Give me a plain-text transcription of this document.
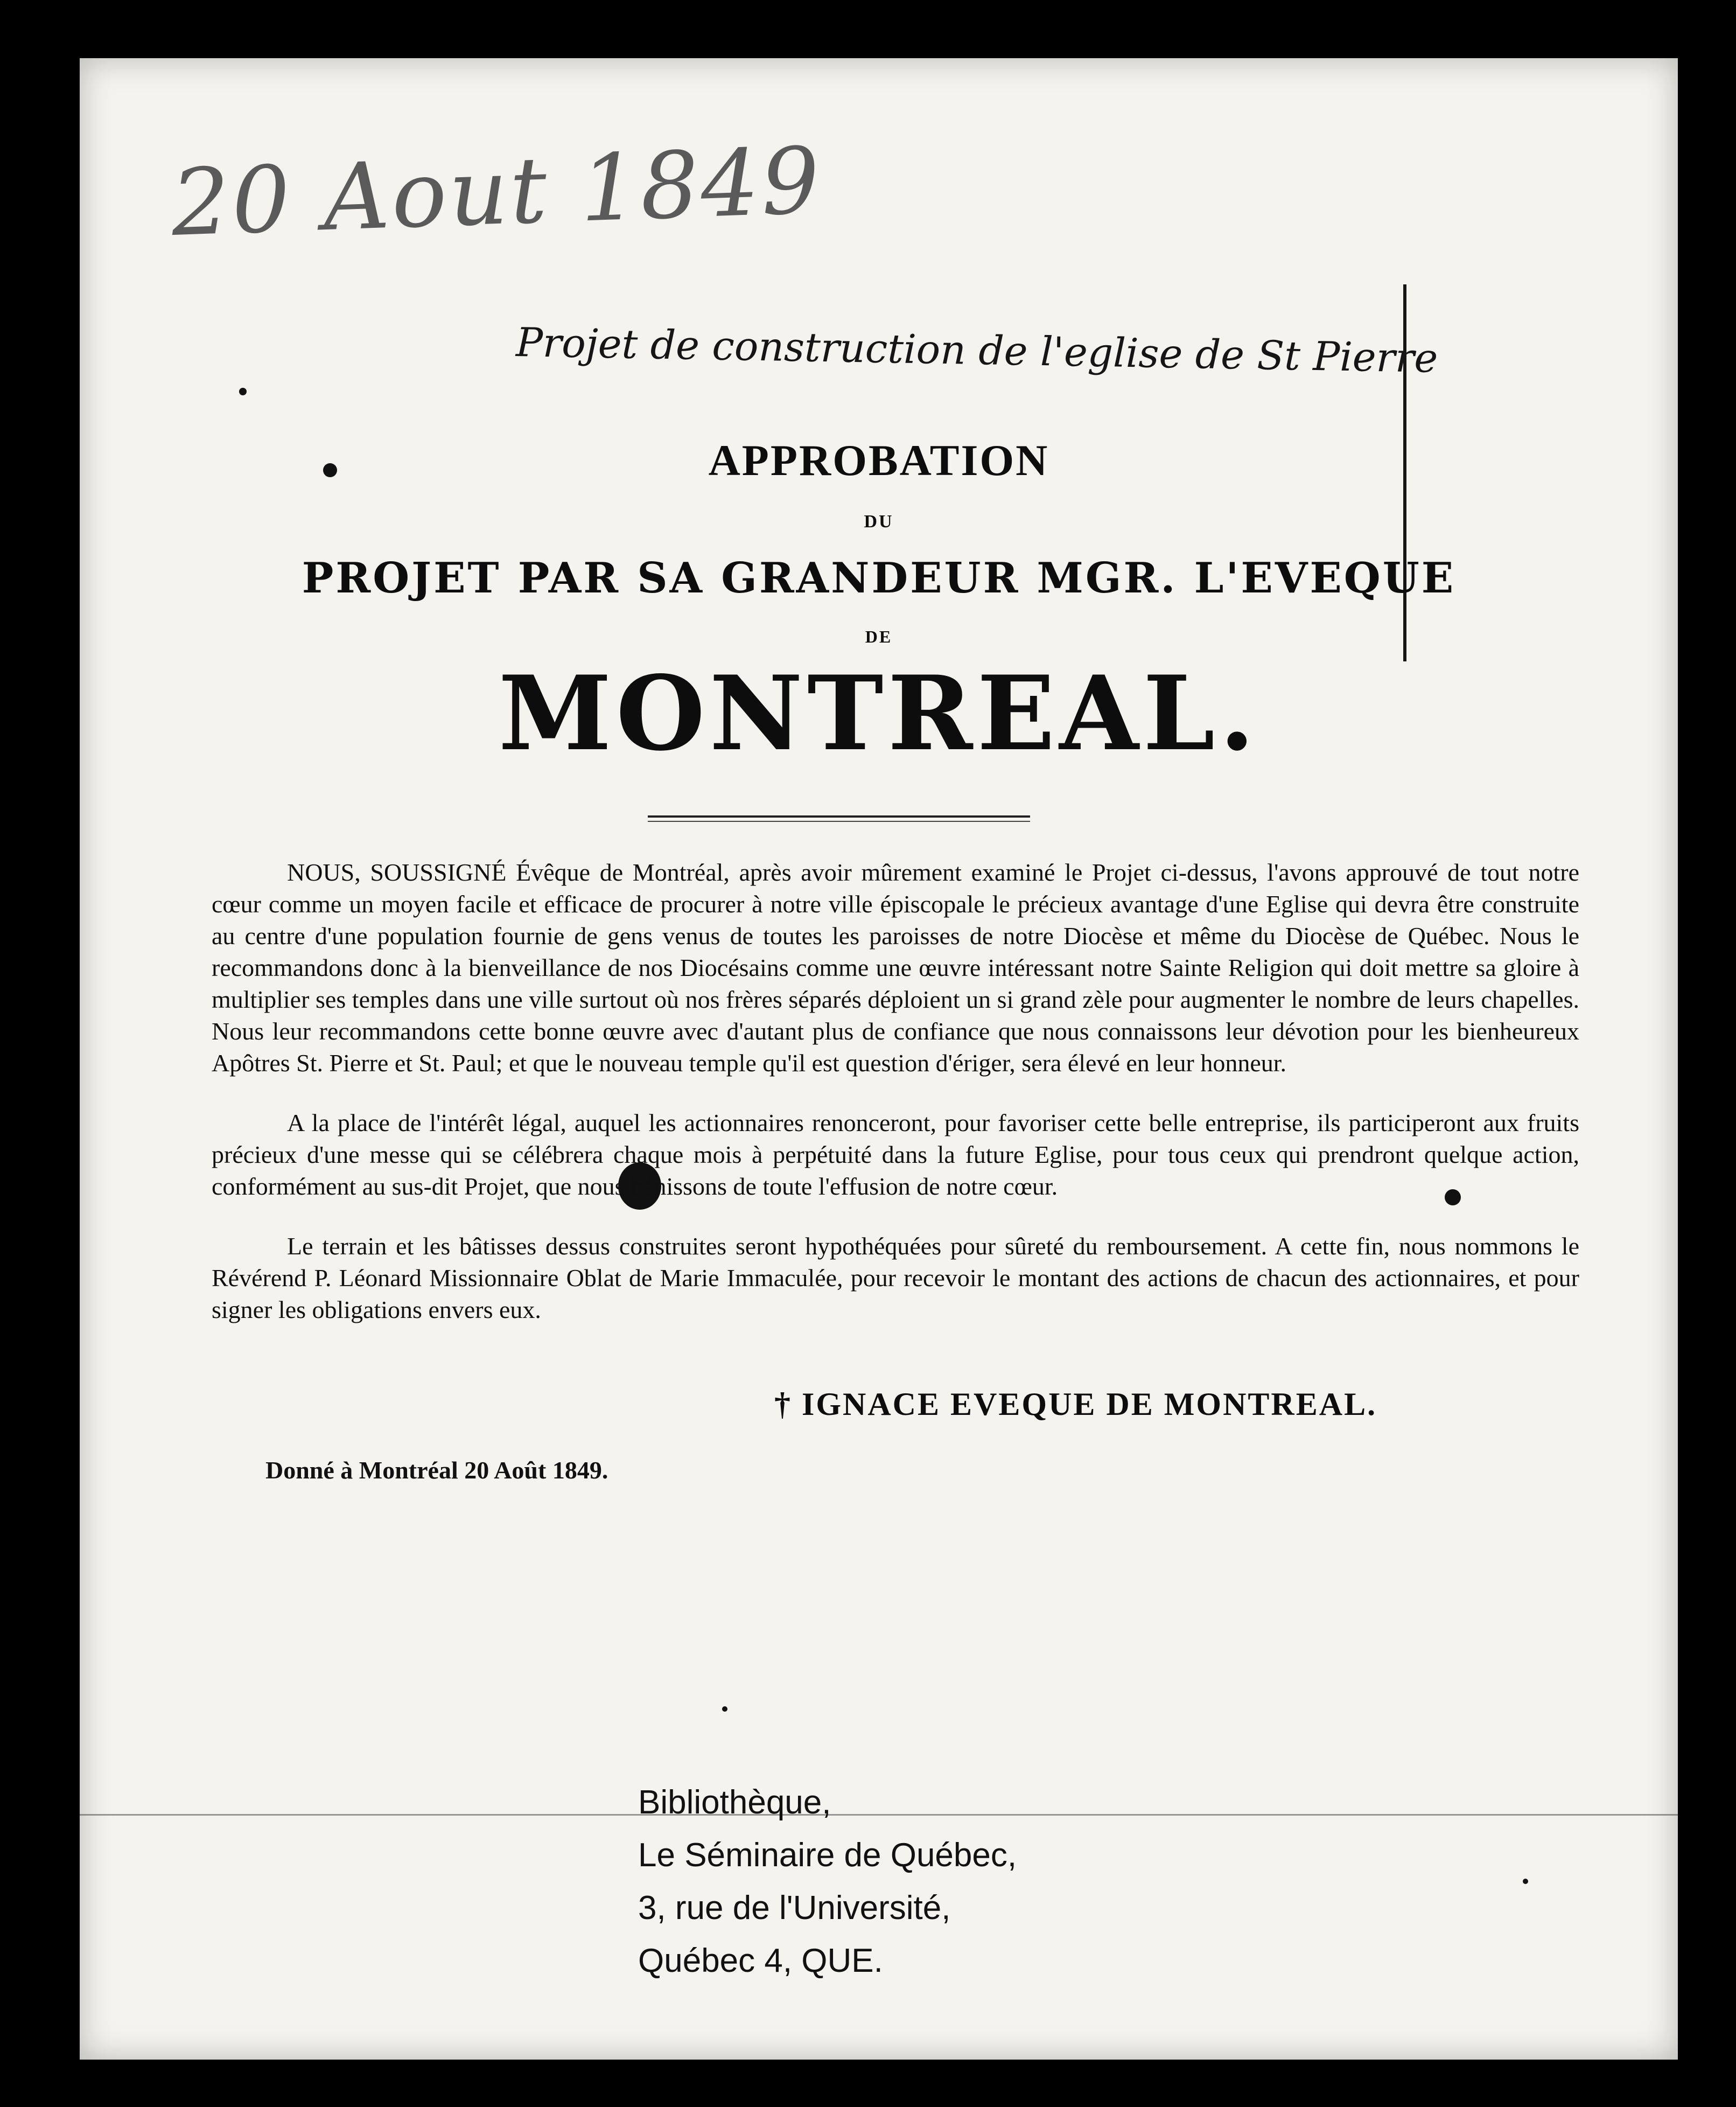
20 Aout 1849
Projet de construction de l'eglise de St Pierre
APPROBATION
DU
PROJET PAR SA GRANDEUR MGR. L'EVEQUE
DE
MONTREAL.

NOUS, SOUSSIGNÉ Évêque de Montréal, après avoir mûrement examiné le Projet ci-dessus, l'avons approuvé de tout notre cœur comme un moyen facile et efficace de procurer à notre ville épiscopale le précieux avantage d'une Eglise qui devra être construite au centre d'une population fournie de gens venus de toutes les paroisses de notre Diocèse et même du Diocèse de Québec. Nous le recommandons donc à la bienveillance de nos Diocésains comme une œuvre intéressant notre Sainte Religion qui doit mettre sa gloire à multiplier ses temples dans une ville surtout où nos frères séparés déploient un si grand zèle pour augmenter le nombre de leurs chapelles. Nous leur recommandons cette bonne œuvre avec d'autant plus de confiance que nous connaissons leur dévotion pour les bienheureux Apôtres St. Pierre et St. Paul; et que le nouveau temple qu'il est question d'ériger, sera élevé en leur honneur.

A la place de l'intérêt légal, auquel les actionnaires renonceront, pour favoriser cette belle entreprise, ils participeront aux fruits précieux d'une messe qui se célébrera chaque mois à perpétuité dans la future Eglise, pour tous ceux qui prendront quelque action, conformément au sus-dit Projet, que nous bénissons de toute l'effusion de notre cœur.

Le terrain et les bâtisses dessus construites seront hypothéquées pour sûreté du remboursement. A cette fin, nous nommons le Révérend P. Léonard Missionnaire Oblat de Marie Immaculée, pour recevoir le montant des actions de chacun des actionnaires, et pour signer les obligations envers eux.

† IGNACE EVEQUE DE MONTREAL.
Donné à Montréal 20 Août 1849.
Bibliothèque,
Le Séminaire de Québec,
3, rue de l'Université,
Québec 4, QUE.
